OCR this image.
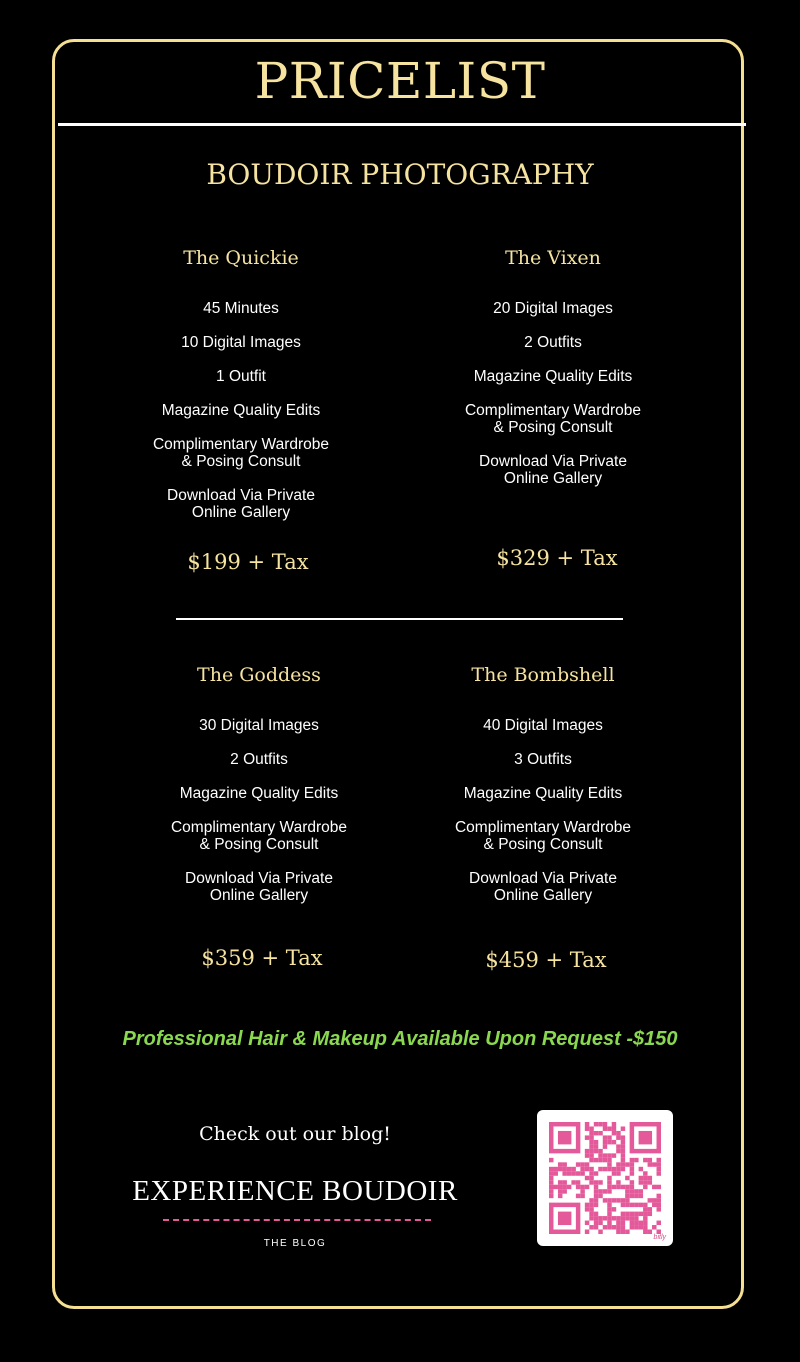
PRICELIST
BOUDOIR PHOTOGRAPHY
The Quickie
45 Minutes
10 Digital Images
1 Outfit
Magazine Quality Edits
Complimentary Wardrobe
& Posing Consult
Download Via Private
Online Gallery
$199 + Tax
The Vixen
20 Digital Images
2 Outfits
Magazine Quality Edits
Complimentary Wardrobe
& Posing Consult
Download Via Private
Online Gallery
$329 + Tax
The Goddess
30 Digital Images
2 Outfits
Magazine Quality Edits
Complimentary Wardrobe
& Posing Consult
Download Via Private
Online Gallery
$359 + Tax
The Bombshell
40 Digital Images
3 Outfits
Magazine Quality Edits
Complimentary Wardrobe
& Posing Consult
Download Via Private
Online Gallery
$459 + Tax
Professional Hair & Makeup Available Upon Request -$150
Check out our blog!
EXPERIENCE BOUDOIR
THE BLOG
bitly
